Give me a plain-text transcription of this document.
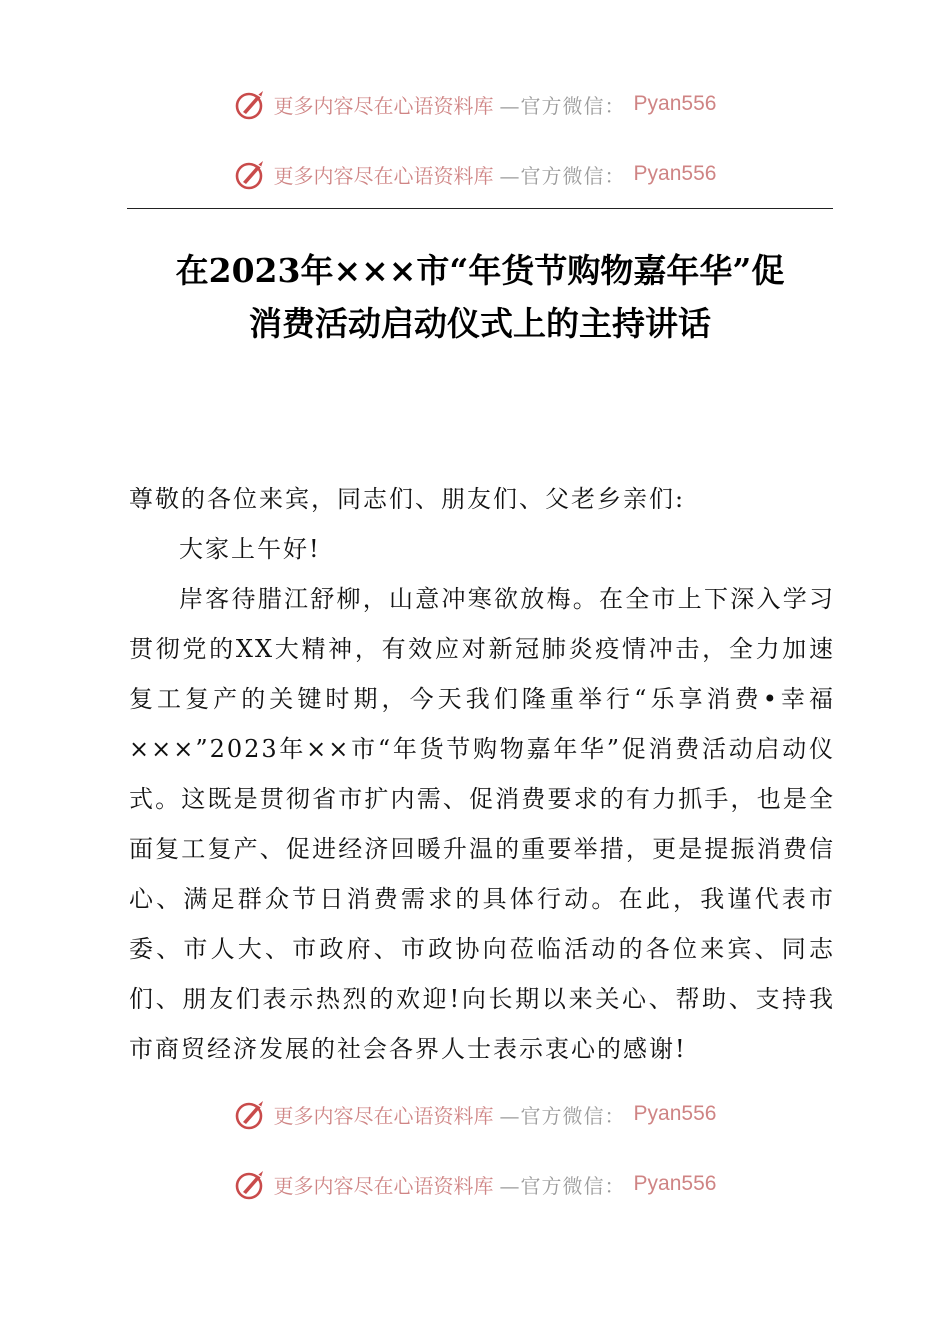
更多内容尽在心语资料库 —官方微信： Pyan556
更多内容尽在心语资料库 —官方微信： Pyan556
在2023年×××市“年货节购物嘉年华”促
消费活动启动仪式上的主持讲话

尊敬的各位来宾，同志们、朋友们、父老乡亲们:

大家上午好!

岸客待腊江舒柳，山意冲寒欲放梅。在全市上下深入学习贯彻党的XX大精神，有效应对新冠肺炎疫情冲击，全力加速复工复产的关键时期，今天我们隆重举行“乐享消费•幸福×××”2023年××市“年货节购物嘉年华”促消费活动启动仪式。这既是贯彻省市扩内需、促消费要求的有力抓手，也是全面复工复产、促进经济回暖升温的重要举措，更是提振消费信心、满足群众节日消费需求的具体行动。在此，我谨代表市委、市人大、市政府、市政协向莅临活动的各位来宾、同志们、朋友们表示热烈的欢迎!向长期以来关心、帮助、支持我市商贸经济发展的社会各界人士表示衷心的感谢!

更多内容尽在心语资料库 —官方微信： Pyan556
更多内容尽在心语资料库 —官方微信： Pyan556
